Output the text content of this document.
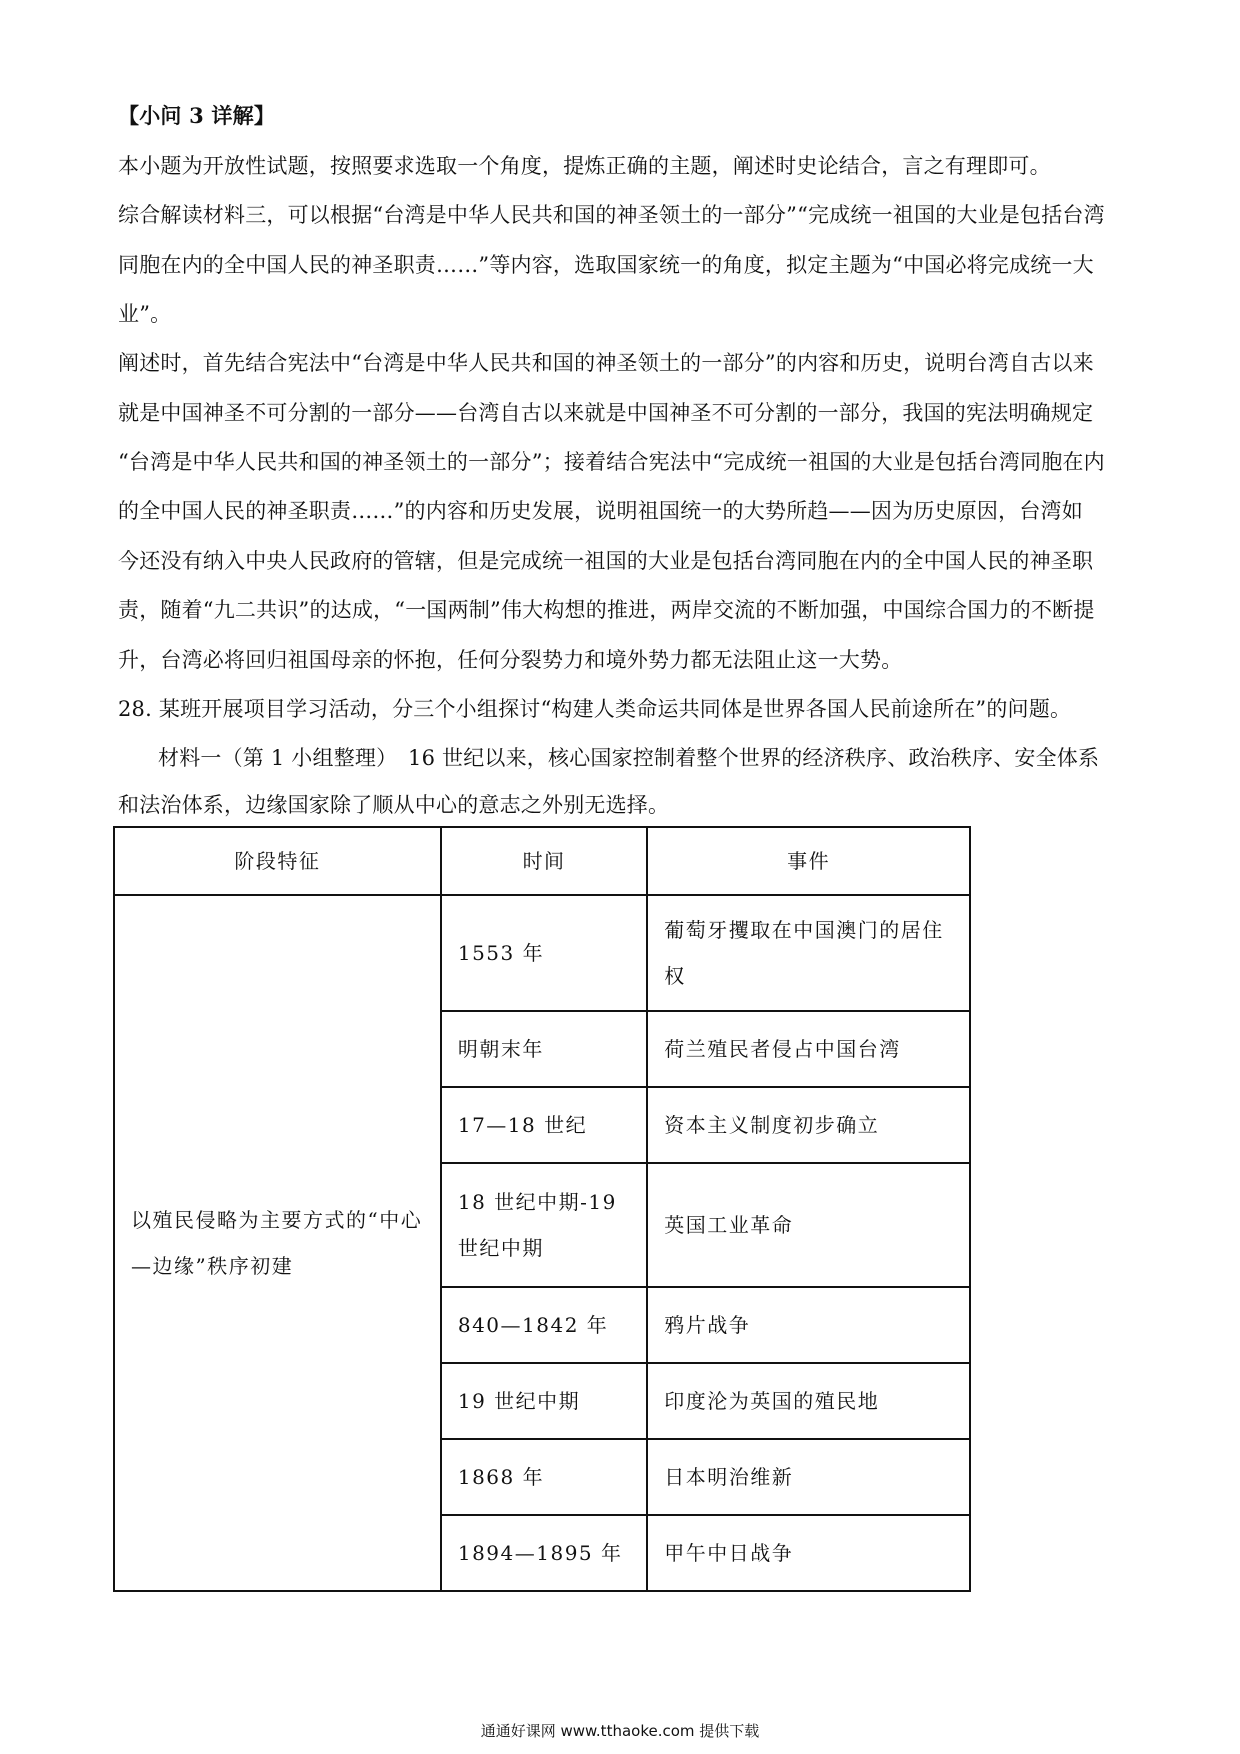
【小问 3 详解】
本小题为开放性试题，按照要求选取一个角度，提炼正确的主题，阐述时史论结合，言之有理即可。
综合解读材料三，可以根据“台湾是中华人民共和国的神圣领土的一部分”“完成统一祖国的大业是包括台湾
同胞在内的全中国人民的神圣职责……”等内容，选取国家统一的角度，拟定主题为“中国必将完成统一大
业”。
阐述时，首先结合宪法中“台湾是中华人民共和国的神圣领土的一部分”的内容和历史，说明台湾自古以来
就是中国神圣不可分割的一部分——台湾自古以来就是中国神圣不可分割的一部分，我国的宪法明确规定
“台湾是中华人民共和国的神圣领土的一部分”；接着结合宪法中“完成统一祖国的大业是包括台湾同胞在内
的全中国人民的神圣职责……”的内容和历史发展，说明祖国统一的大势所趋——因为历史原因，台湾如
今还没有纳入中央人民政府的管辖，但是完成统一祖国的大业是包括台湾同胞在内的全中国人民的神圣职
责，随着“九二共识”的达成，“一国两制”伟大构想的推进，两岸交流的不断加强，中国综合国力的不断提
升，台湾必将回归祖国母亲的怀抱，任何分裂势力和境外势力都无法阻止这一大势。
28. 某班开展项目学习活动，分三个小组探讨“构建人类命运共同体是世界各国人民前途所在”的问题。
材料一（第 1 小组整理）　16 世纪以来，核心国家控制着整个世界的经济秩序、政治秩序、安全体系
和法治体系，边缘国家除了顺从中心的意志之外别无选择。
阶段特征	时间	事件
以殖民侵略为主要方式的“中心—边缘”秩序初建	1553 年	葡萄牙攫取在中国澳门的居住权
	明朝末年	荷兰殖民者侵占中国台湾
	17—18 世纪	资本主义制度初步确立
	18 世纪中期-19 世纪中期	英国工业革命
	840—1842 年	鸦片战争
	19 世纪中期	印度沦为英国的殖民地
	1868 年	日本明治维新
	1894—1895 年	甲午中日战争
通通好课网 www.tthaoke.com 提供下载
